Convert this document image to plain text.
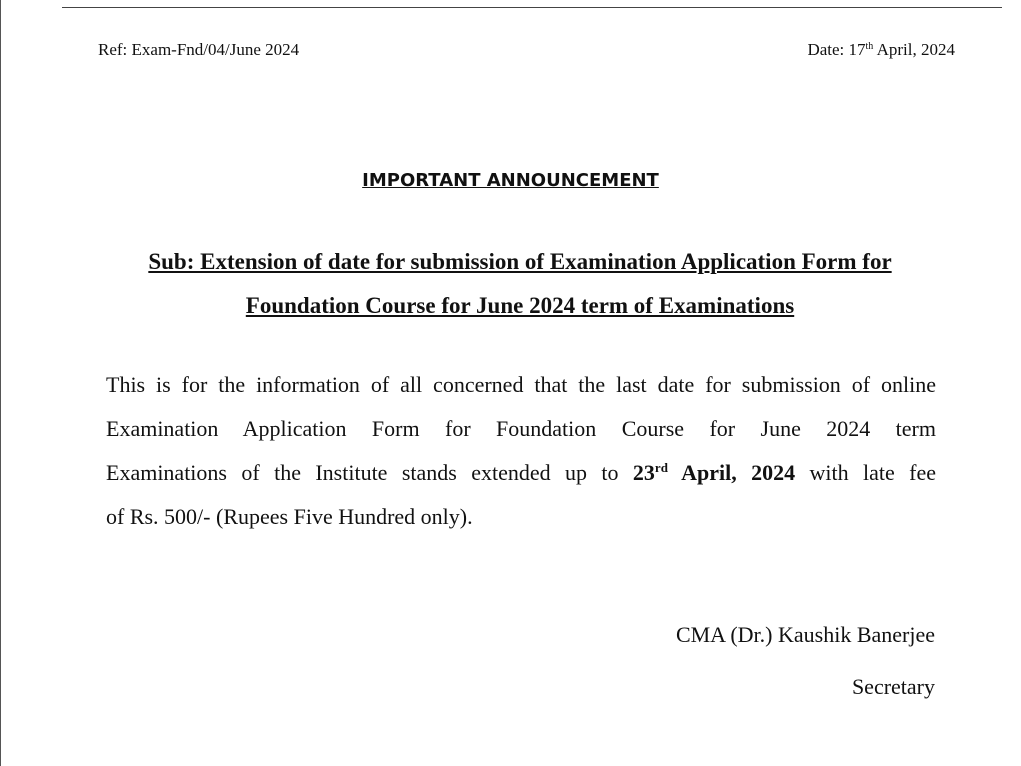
Ref: Exam-Fnd/04/June 2024	Date: 17th April, 2024
IMPORTANT ANNOUNCEMENT
Sub: Extension of date for submission of Examination Application Form for
Foundation Course for June 2024 term of Examinations
This is for the information of all concerned that the last date for submission of online
Examination Application Form for Foundation Course for June 2024 term
Examinations of the Institute stands extended up to 23rd April, 2024 with late fee
of Rs. 500/- (Rupees Five Hundred only).
CMA (Dr.) Kaushik Banerjee
Secretary
